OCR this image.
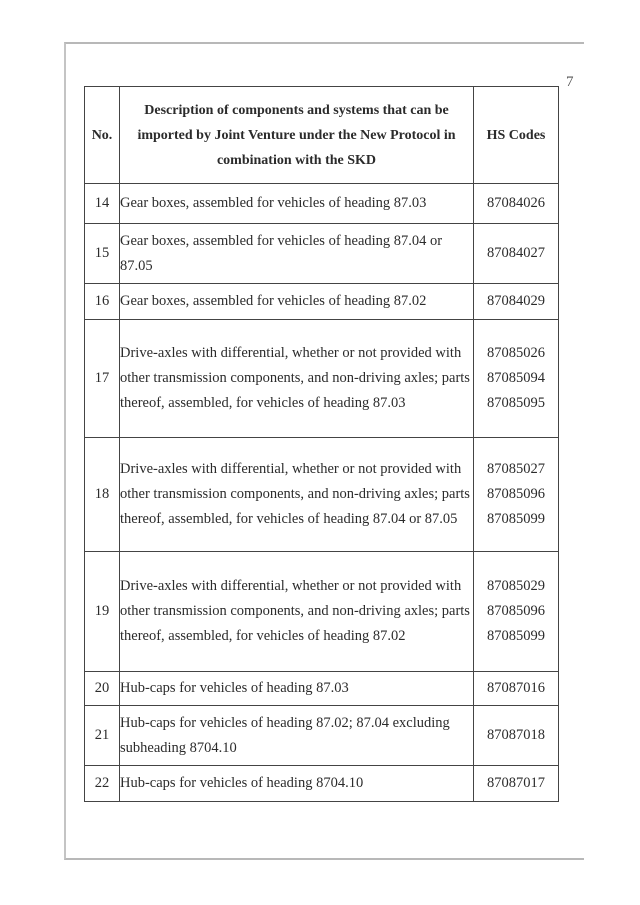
7
No.	Description of components and systems that can be imported by Joint Venture under the New Protocol in combination with the SKD	HS Codes
14	Gear boxes, assembled for vehicles of heading 87.03	87084026

15	Gear boxes, assembled for vehicles of heading 87.04 or 87.05	87084027

16	Gear boxes, assembled for vehicles of heading 87.02	87084029

17	Drive-axles with differential, whether or not provided with other transmission components, and non-driving axles; parts thereof, assembled, for vehicles of heading 87.03	87085026
87085094
87085095

18	Drive-axles with differential, whether or not provided with other transmission components, and non-driving axles; parts thereof, assembled, for vehicles of heading 87.04 or 87.05	87085027
87085096
87085099

19	Drive-axles with differential, whether or not provided with other transmission components, and non-driving axles; parts thereof, assembled, for vehicles of heading 87.02	87085029
87085096
87085099

20	Hub-caps for vehicles of heading 87.03	87087016

21	Hub-caps for vehicles of heading 87.02; 87.04 excluding subheading 8704.10	87087018

22	Hub-caps for vehicles of heading 8704.10	87087017
